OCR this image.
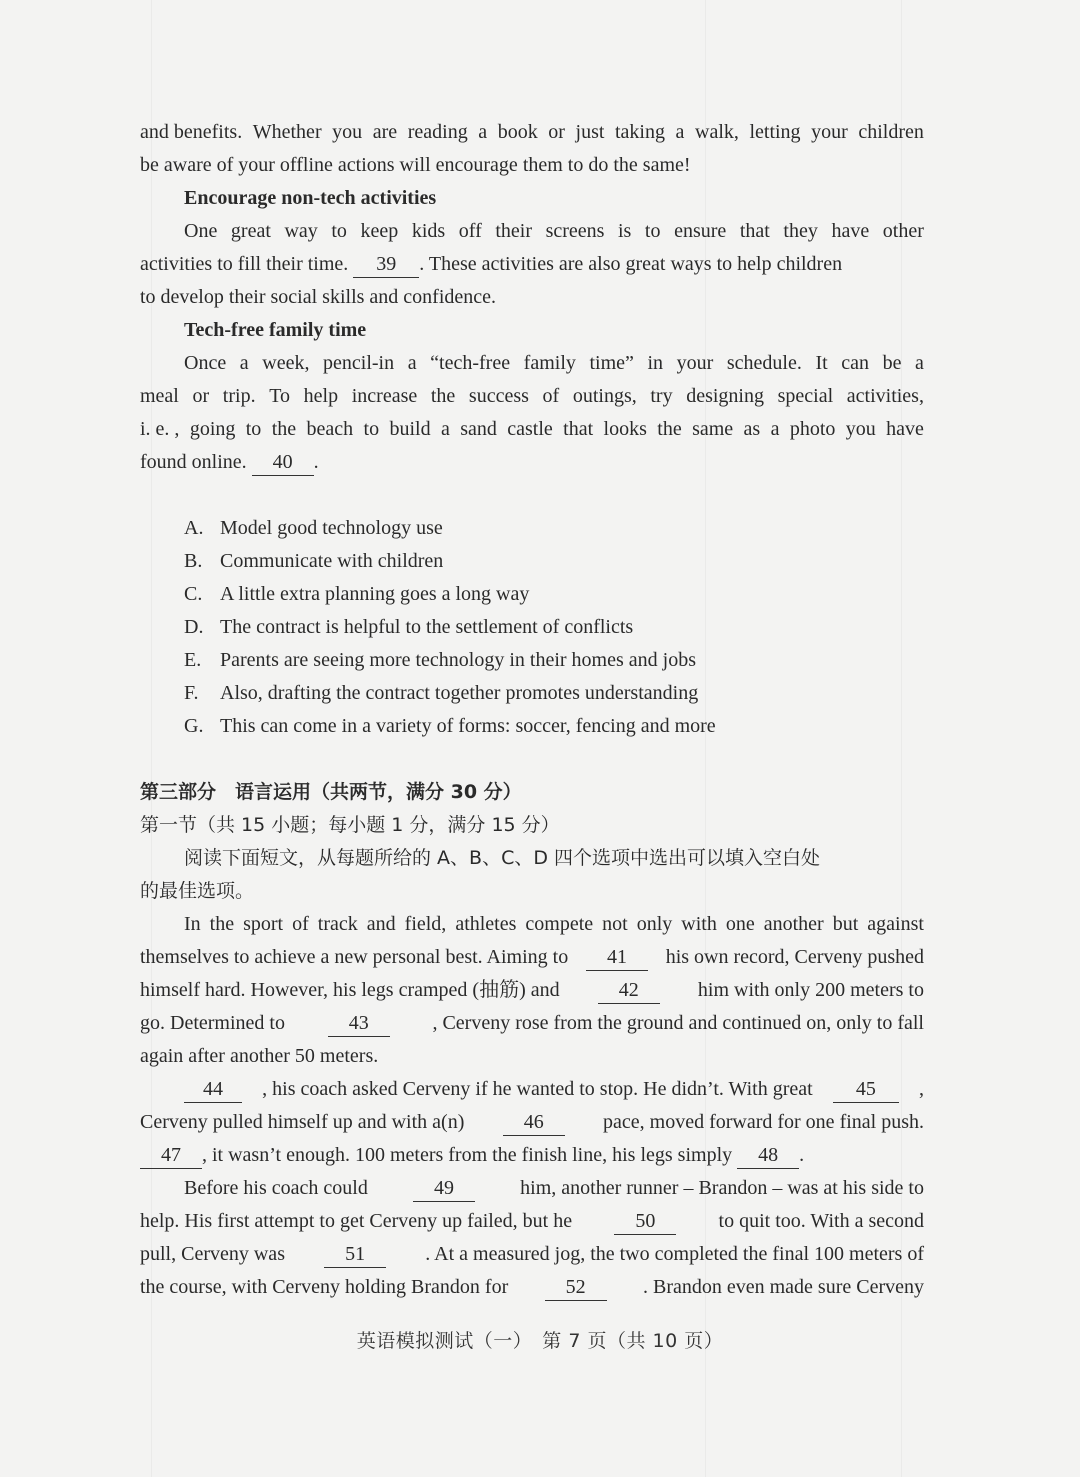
and benefits. Whether you are reading a book or just taking a walk, letting your children
be aware of your offline actions will encourage them to do the same!
Encourage non-tech activities
One great way to keep kids off their screens is to ensure that they have other
activities to fill their time. 39 . These activities are also great ways to help children
to develop their social skills and confidence.
Tech-free family time
Once a week, pencil-in a “tech-free family time” in your schedule. It can be a
meal or trip. To help increase the success of outings, try designing special activities,
i. e. , going to the beach to build a sand castle that looks the same as a photo you have
found online. 40 .
A. Model good technology use
B. Communicate with children
C. A little extra planning goes a long way
D. The contract is helpful to the settlement of conflicts
E. Parents are seeing more technology in their homes and jobs
F. Also, drafting the contract together promotes understanding
G. This can come in a variety of forms: soccer, fencing and more
第三部分　语言运用（共两节，满分 30 分）
第一节（共 15 小题；每小题 1 分，满分 15 分）
阅读下面短文，从每题所给的 A、B、C、D 四个选项中选出可以填入空白处
的最佳选项。
In the sport of track and field, athletes compete not only with one another but against
themselves to achieve a new personal best. Aiming to	41	his own record, Cerveny pushed
himself hard. However, his legs cramped (抽筋) and	42	him with only 200 meters to
go. Determined to	43	, Cerveny rose from the ground and continued on, only to fall
again after another 50 meters.
44	, his coach asked Cerveny if he wanted to stop. He didn’t. With great	45	,
Cerveny pulled himself up and with a(n)	46	pace, moved forward for one final push.
47 , it wasn’t enough. 100 meters from the finish line, his legs simply 48 .
Before his coach could	49	him, another runner – Brandon – was at his side to
help. His first attempt to get Cerveny up failed, but he	50	to quit too. With a second
pull, Cerveny was	51	. At a measured jog, the two completed the final 100 meters of
the course, with Cerveny holding Brandon for	52	. Brandon even made sure Cerveny
英语模拟测试（一）　第 7 页（共 10 页）
